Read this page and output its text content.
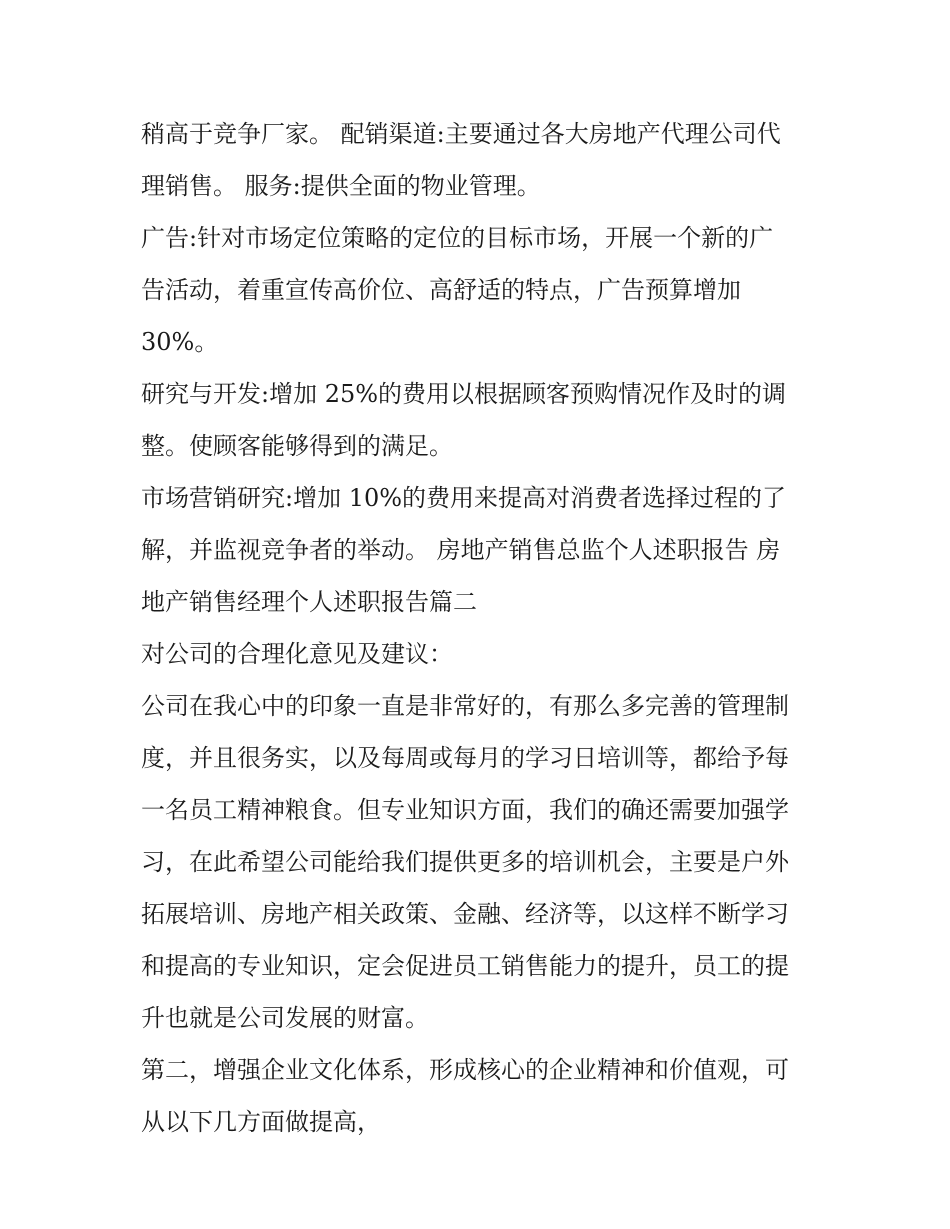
稍高于竞争厂家。 配销渠道:主要通过各大房地产代理公司代
理销售。 服务:提供全面的物业管理。
广告:针对市场定位策略的定位的目标市场，开展一个新的广
告活动，着重宣传高价位、高舒适的特点，广告预算增加
30%。
研究与开发:增加 25%的费用以根据顾客预购情况作及时的调
整。使顾客能够得到的满足。
市场营销研究:增加 10%的费用来提高对消费者选择过程的了
解，并监视竞争者的举动。 房地产销售总监个人述职报告 房
地产销售经理个人述职报告篇二
对公司的合理化意见及建议：
公司在我心中的印象一直是非常好的，有那么多完善的管理制
度，并且很务实，以及每周或每月的学习日培训等，都给予每
一名员工精神粮食。但专业知识方面，我们的确还需要加强学
习，在此希望公司能给我们提供更多的培训机会，主要是户外
拓展培训、房地产相关政策、金融、经济等，以这样不断学习
和提高的专业知识，定会促进员工销售能力的提升，员工的提
升也就是公司发展的财富。
第二，增强企业文化体系，形成核心的企业精神和价值观，可
从以下几方面做提高，
